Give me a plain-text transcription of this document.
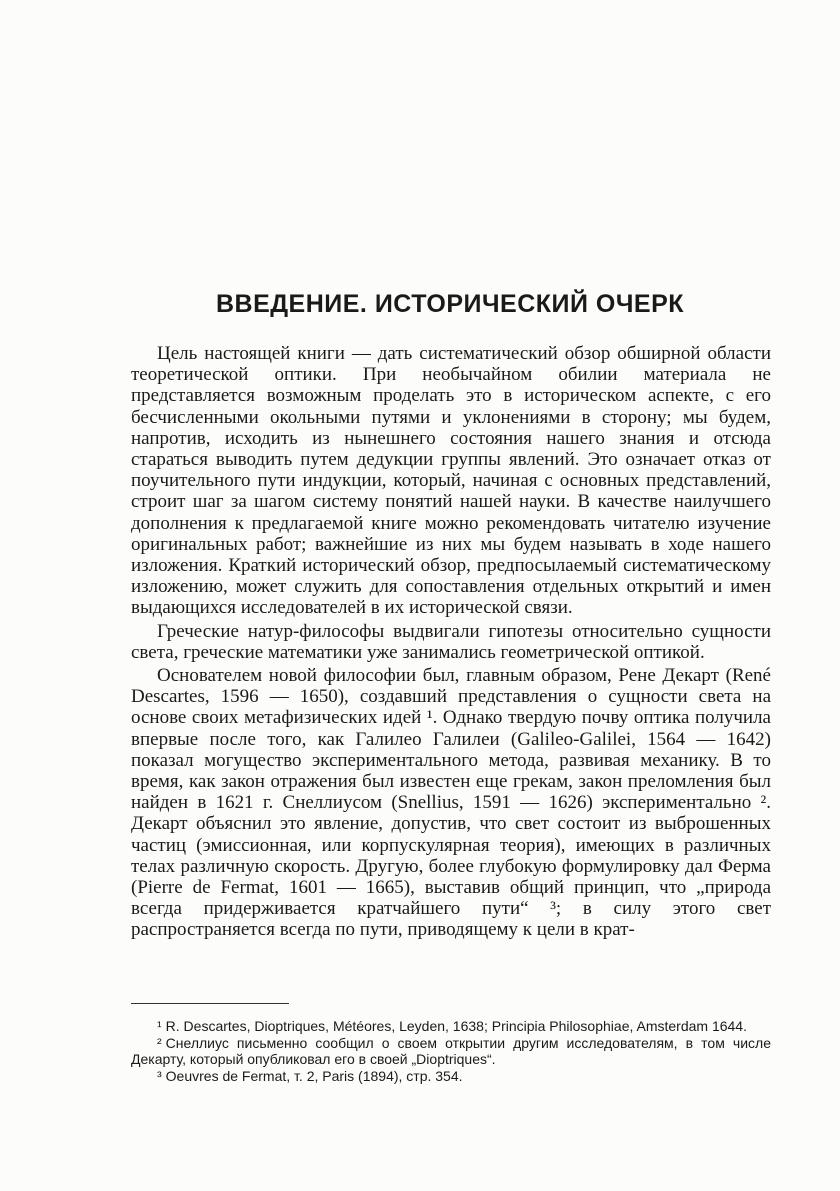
ВВЕДЕНИЕ. ИСТОРИЧЕСКИЙ ОЧЕРК

Цель настоящей книги — дать систематический обзор обширной области теоретической оптики. При необычайном обилии материала не представляется возможным проделать это в историческом аспекте, с его бесчисленными окольными путями и уклонениями в сторону; мы будем, напротив, исходить из нынешнего состояния нашего знания и отсюда стараться выводить путем дедукции группы явлений. Это означает отказ от поучительного пути индукции, который, начиная с основных представлений, строит шаг за шагом систему понятий нашей науки. В качестве наилучшего дополнения к предлагаемой книге можно рекомендовать читателю изучение оригинальных работ; важнейшие из них мы будем называть в ходе нашего изложения. Краткий исторический обзор, предпосылаемый систематическому изложению, может служить для сопоставления отдельных открытий и имен выдающихся исследователей в их исторической связи.

Греческие натур-философы выдвигали гипотезы относительно сущности света, греческие математики уже занимались геометрической оптикой.

Основателем новой философии был, главным образом, Рене Декарт (René Descartes, 1596 — 1650), создавший представления о сущности света на основе своих метафизических идей ¹. Однако твердую почву оптика получила впервые после того, как Галилео Галилеи (Galileo-Galilei, 1564 — 1642) показал могущество экспериментального метода, развивая механику. В то время, как закон отражения был известен еще грекам, закон преломления был найден в 1621 г. Снеллиусом (Snellius, 1591 — 1626) экспериментально ². Декарт объяснил это явление, допустив, что свет состоит из выброшенных частиц (эмиссионная, или корпускулярная теория), имеющих в различных телах различную скорость. Другую, более глубокую формулировку дал Ферма (Pierre de Fermat, 1601 — 1665), выставив общий принцип, что „природа всегда придерживается кратчайшего пути“ ³; в силу этого свет распространяется всегда по пути, приводящему к цели в крат-

¹ R. Descartes, Dioptriques, Météores, Leyden, 1638; Principia Philosophiae, Amsterdam 1644.

² Снеллиус письменно сообщил о своем открытии другим исследователям, в том числе Декарту, который опубликовал его в своей „Dioptriques“.

³ Oeuvres de Fermat, т. 2, Paris (1894), стр. 354.
